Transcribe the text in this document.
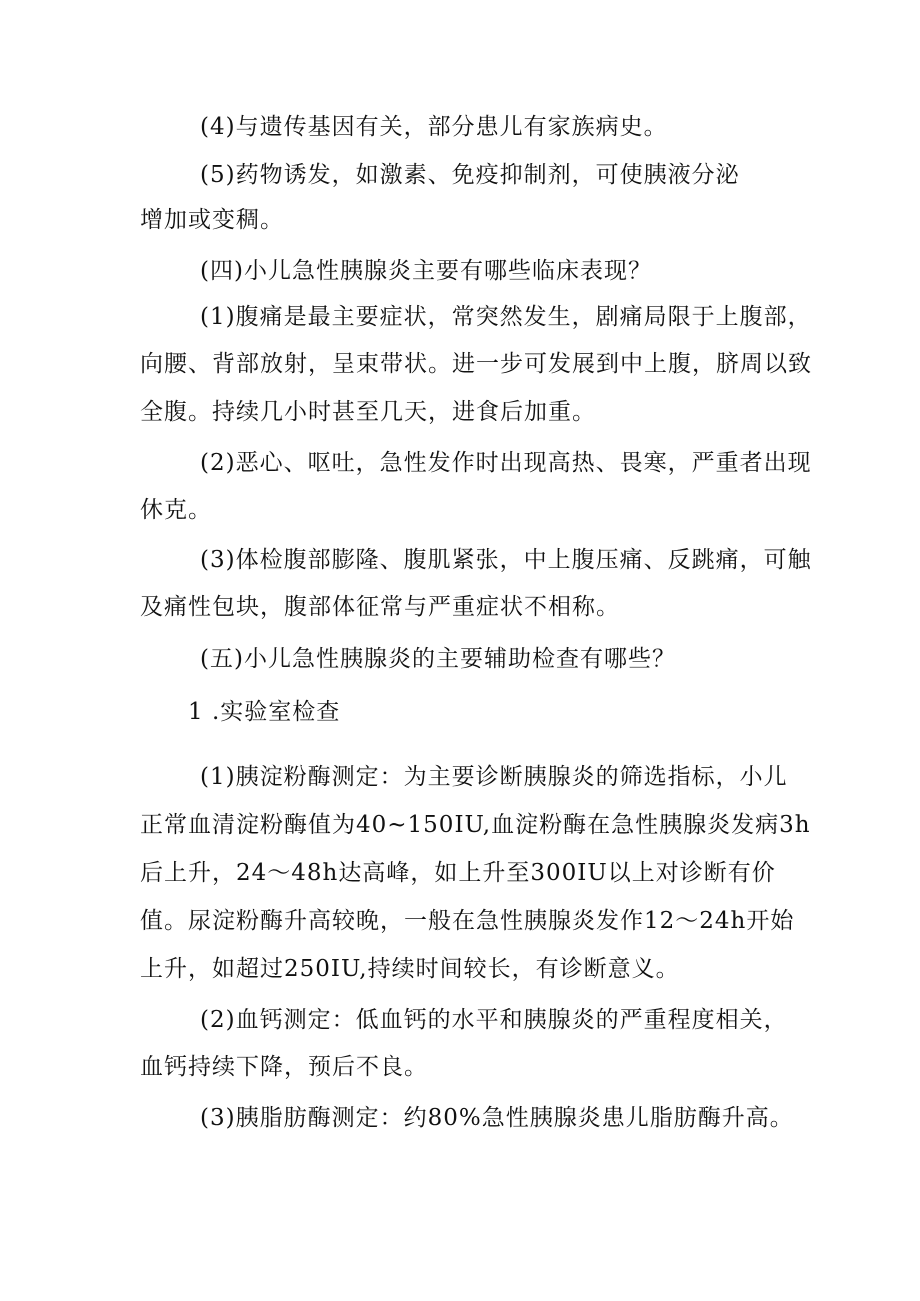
(4)与遗传基因有关，部分患儿有家族病史。
(5)药物诱发，如激素、免疫抑制剂，可使胰液分泌
增加或变稠。
(四)小儿急性胰腺炎主要有哪些临床表现？
(1)腹痛是最主要症状，常突然发生，剧痛局限于上腹部，
向腰、背部放射，呈束带状。进一步可发展到中上腹，脐周以致
全腹。持续几小时甚至几天，进食后加重。
(2)恶心、呕吐，急性发作时出现高热、畏寒，严重者出现
休克。
(3)体检腹部膨隆、腹肌紧张，中上腹压痛、反跳痛，可触
及痛性包块，腹部体征常与严重症状不相称。
(五)小儿急性胰腺炎的主要辅助检查有哪些？
1 .实验室检查
(1)胰淀粉酶测定：为主要诊断胰腺炎的筛选指标，小儿
正常血清淀粉酶值为40~150IU,血淀粉酶在急性胰腺炎发病3h
后上升，24～48h达高峰，如上升至300IU以上对诊断有价
值。尿淀粉酶升高较晚，一般在急性胰腺炎发作12～24h开始
上升，如超过250IU,持续时间较长，有诊断意义。
(2)血钙测定：低血钙的水平和胰腺炎的严重程度相关，
血钙持续下降，预后不良。
(3)胰脂肪酶测定：约80%急性胰腺炎患儿脂肪酶升高。
